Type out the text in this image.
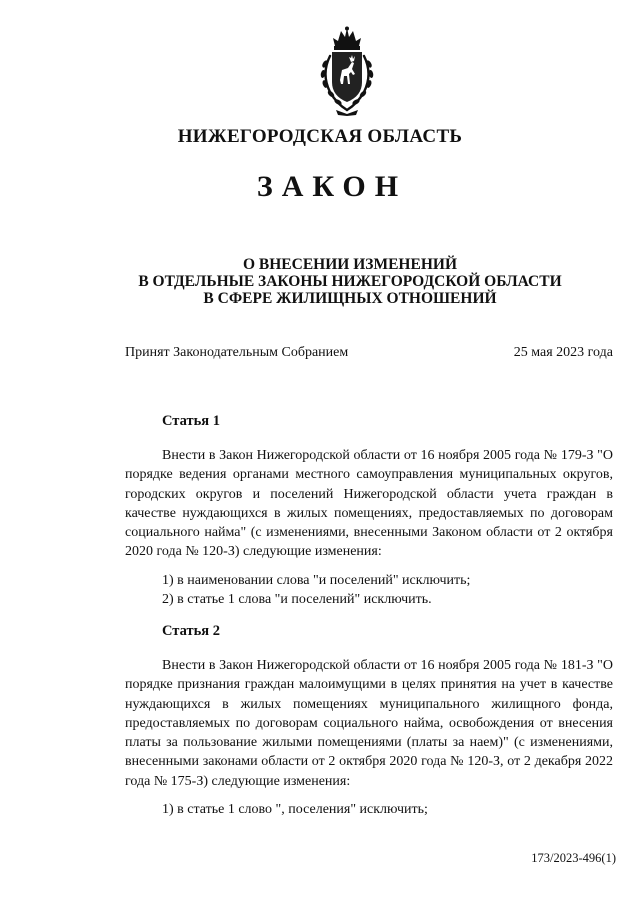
НИЖЕГОРОДСКАЯ ОБЛАСТЬ
ЗАКОН
О ВНЕСЕНИИ ИЗМЕНЕНИЙ
В ОТДЕЛЬНЫЕ ЗАКОНЫ НИЖЕГОРОДСКОЙ ОБЛАСТИ
В СФЕРЕ ЖИЛИЩНЫХ ОТНОШЕНИЙ
Принят Законодательным Собранием	25 мая 2023 года
Статья 1
Внести в Закон Нижегородской области от 16 ноября 2005 года № 179-З "О порядке ведения органами местного самоуправления муниципальных округов, городских округов и поселений Нижегородской области учета граждан в качестве нуждающихся в жилых помещениях, предоставляемых по договорам социального найма" (с изменениями, внесенными Законом области от 2 октября 2020 года № 120-З) следующие изменения:
1) в наименовании слова "и поселений" исключить;
2) в статье 1 слова "и поселений" исключить.
Статья 2
Внести в Закон Нижегородской области от 16 ноября 2005 года № 181-З "О порядке признания граждан малоимущими в целях принятия на учет в качестве нуждающихся в жилых помещениях муниципального жилищного фонда, предоставляемых по договорам социального найма, освобождения от внесения платы за пользование жилыми помещениями (платы за наем)" (с изменениями, внесенными законами области от 2 октября 2020 года № 120-З, от 2 декабря 2022 года № 175-З) следующие изменения:
1) в статье 1 слово ", поселения" исключить;
173/2023-496(1)
